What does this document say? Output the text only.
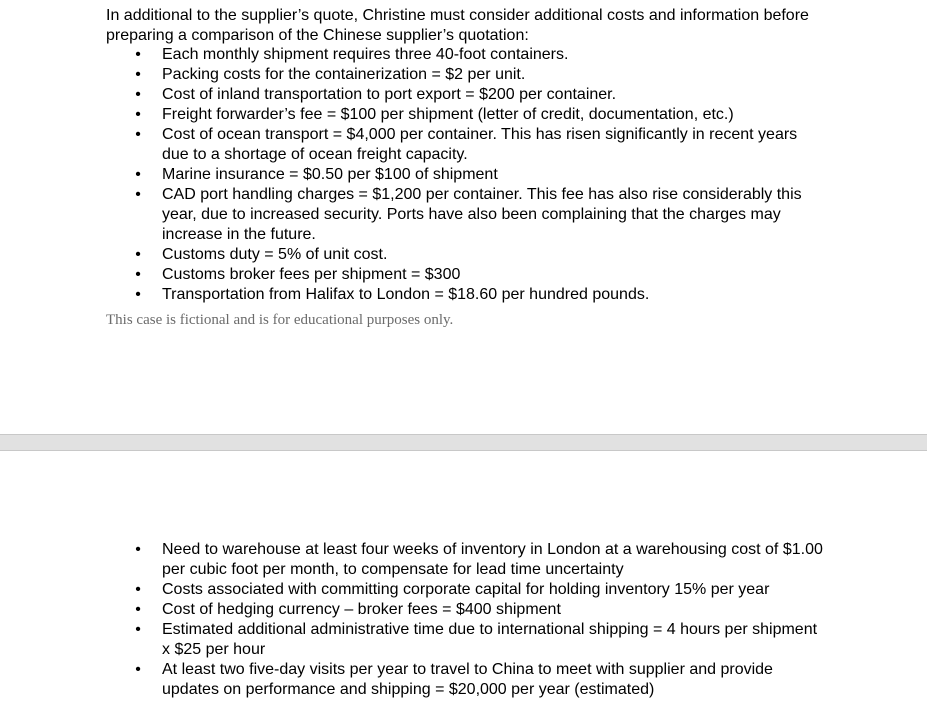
In additional to the supplier’s quote, Christine must consider additional costs and information before preparing a comparison of the Chinese supplier’s quotation:

• Each monthly shipment requires three 40-foot containers.
• Packing costs for the containerization = $2 per unit.
• Cost of inland transportation to port export = $200 per container.
• Freight forwarder’s fee = $100 per shipment (letter of credit, documentation, etc.)
• Cost of ocean transport = $4,000 per container. This has risen significantly in recent years due to a shortage of ocean freight capacity.
• Marine insurance = $0.50 per $100 of shipment
• CAD port handling charges = $1,200 per container. This fee has also rise considerably this year, due to increased security. Ports have also been complaining that the charges may increase in the future.
• Customs duty = 5% of unit cost.
• Customs broker fees per shipment = $300
• Transportation from Halifax to London = $18.60 per hundred pounds.

This case is fictional and is for educational purposes only.

• Need to warehouse at least four weeks of inventory in London at a warehousing cost of $1.00 per cubic foot per month, to compensate for lead time uncertainty
• Costs associated with committing corporate capital for holding inventory 15% per year
• Cost of hedging currency – broker fees = $400 shipment
• Estimated additional administrative time due to international shipping = 4 hours per shipment x $25 per hour
• At least two five-day visits per year to travel to China to meet with supplier and provide updates on performance and shipping = $20,000 per year (estimated)
